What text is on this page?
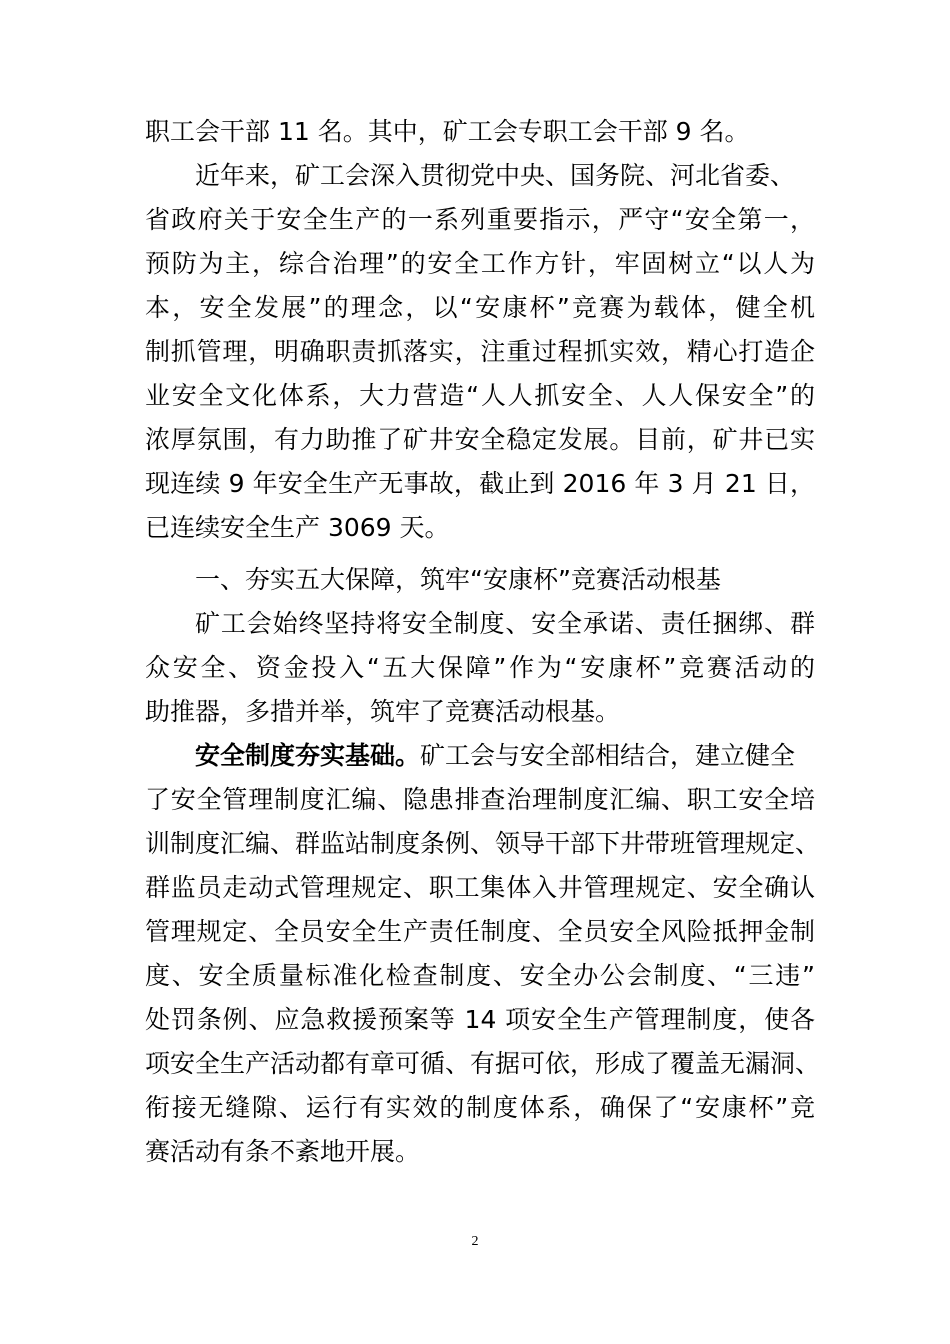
职工会干部 11 名。其中，矿工会专职工会干部 9 名。
近年来，矿工会深入贯彻党中央、国务院、河北省委、
省政府关于安全生产的一系列重要指示，严守“安全第一，
预防为主，综合治理”的安全工作方针，牢固树立“以人为
本，安全发展”的理念，以“安康杯”竞赛为载体，健全机
制抓管理，明确职责抓落实，注重过程抓实效，精心打造企
业安全文化体系，大力营造“人人抓安全、人人保安全”的
浓厚氛围，有力助推了矿井安全稳定发展。目前，矿井已实
现连续 9 年安全生产无事故，截止到 2016 年 3 月 21 日，
已连续安全生产 3069 天。
一、夯实五大保障，筑牢“安康杯”竞赛活动根基
矿工会始终坚持将安全制度、安全承诺、责任捆绑、群
众安全、资金投入“五大保障”作为“安康杯”竞赛活动的
助推器，多措并举，筑牢了竞赛活动根基。
安全制度夯实基础。矿工会与安全部相结合，建立健全
了安全管理制度汇编、隐患排查治理制度汇编、职工安全培
训制度汇编、群监站制度条例、领导干部下井带班管理规定、
群监员走动式管理规定、职工集体入井管理规定、安全确认
管理规定、全员安全生产责任制度、全员安全风险抵押金制
度、安全质量标准化检查制度、安全办公会制度、“三违”
处罚条例、应急救援预案等 14 项安全生产管理制度，使各
项安全生产活动都有章可循、有据可依，形成了覆盖无漏洞、
衔接无缝隙、运行有实效的制度体系，确保了“安康杯”竞
赛活动有条不紊地开展。
2
